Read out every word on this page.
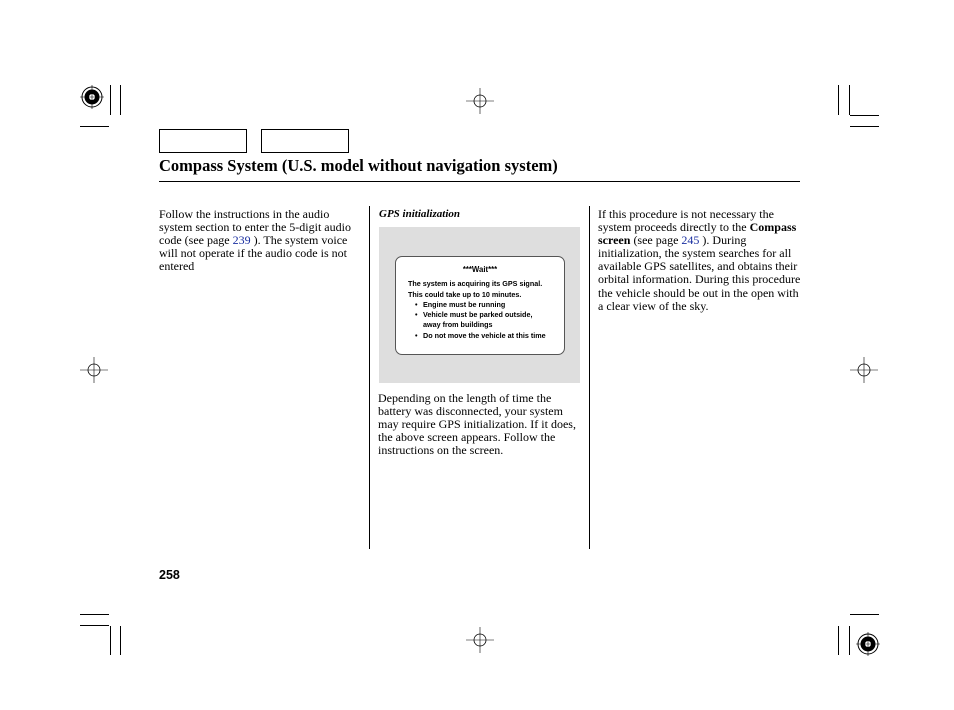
Compass System (U.S. model without navigation system)
Follow the instructions in the audio system section to enter the 5-digit audio code (see page 239 ). The system voice will not operate if the audio code is not entered
GPS initialization
***Wait***
The system is acquiring its GPS signal.
This could take up to 10 minutes.
• Engine must be running
• Vehicle must be parked outside,
away from buildings
• Do not move the vehicle at this time
Depending on the length of time the battery was disconnected, your system may require GPS initialization. If it does, the above screen appears. Follow the instructions on the screen.
If this procedure is not necessary the system proceeds directly to the Compass screen (see page 245 ). During initialization, the system searches for all available GPS satellites, and obtains their orbital information. During this procedure the vehicle should be out in the open with a clear view of the sky.
258
